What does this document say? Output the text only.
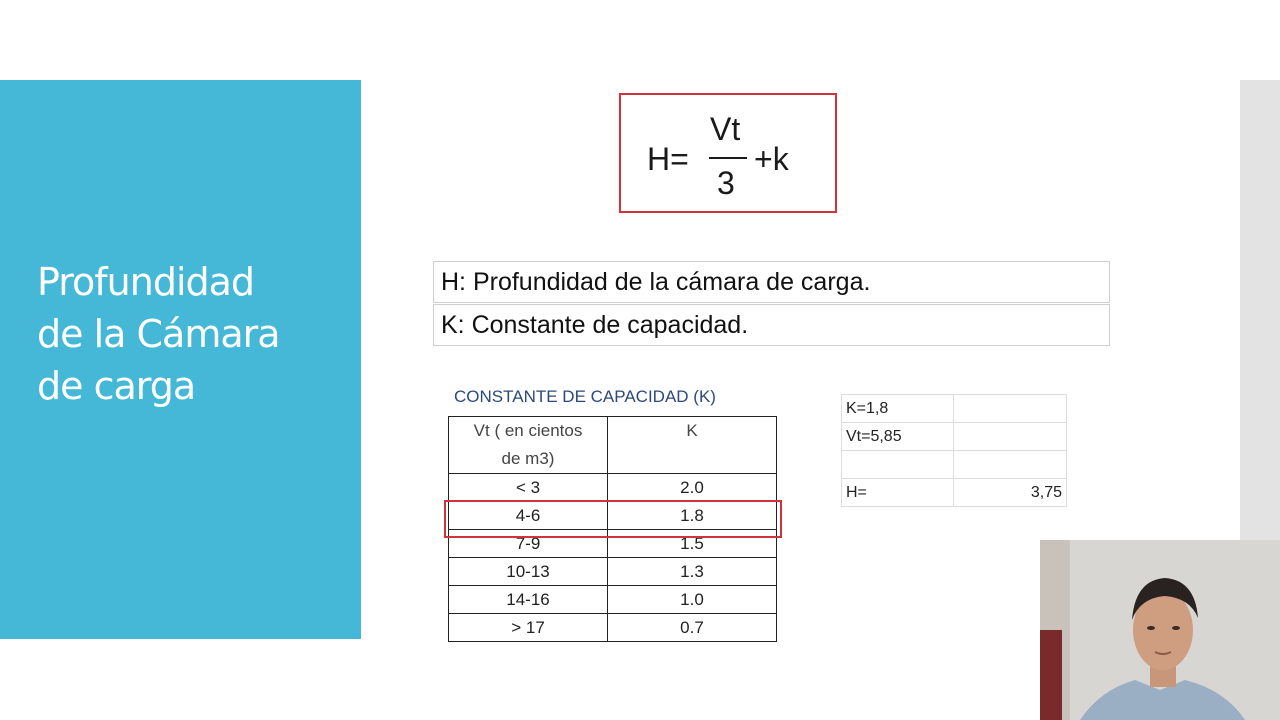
Profundidad
de la Cámara
de carga
H=
Vt
3
+k
H: Profundidad de la cámara de carga.
K: Constante de capacidad.
CONSTANTE DE CAPACIDAD (K)
Vt ( en cientos
de m3)	K
< 3	2.0
4-6	1.8
7-9	1.5
10-13	1.3
14-16	1.0
> 17	0.7
K=1,8	
Vt=5,85	

H=	3,75
